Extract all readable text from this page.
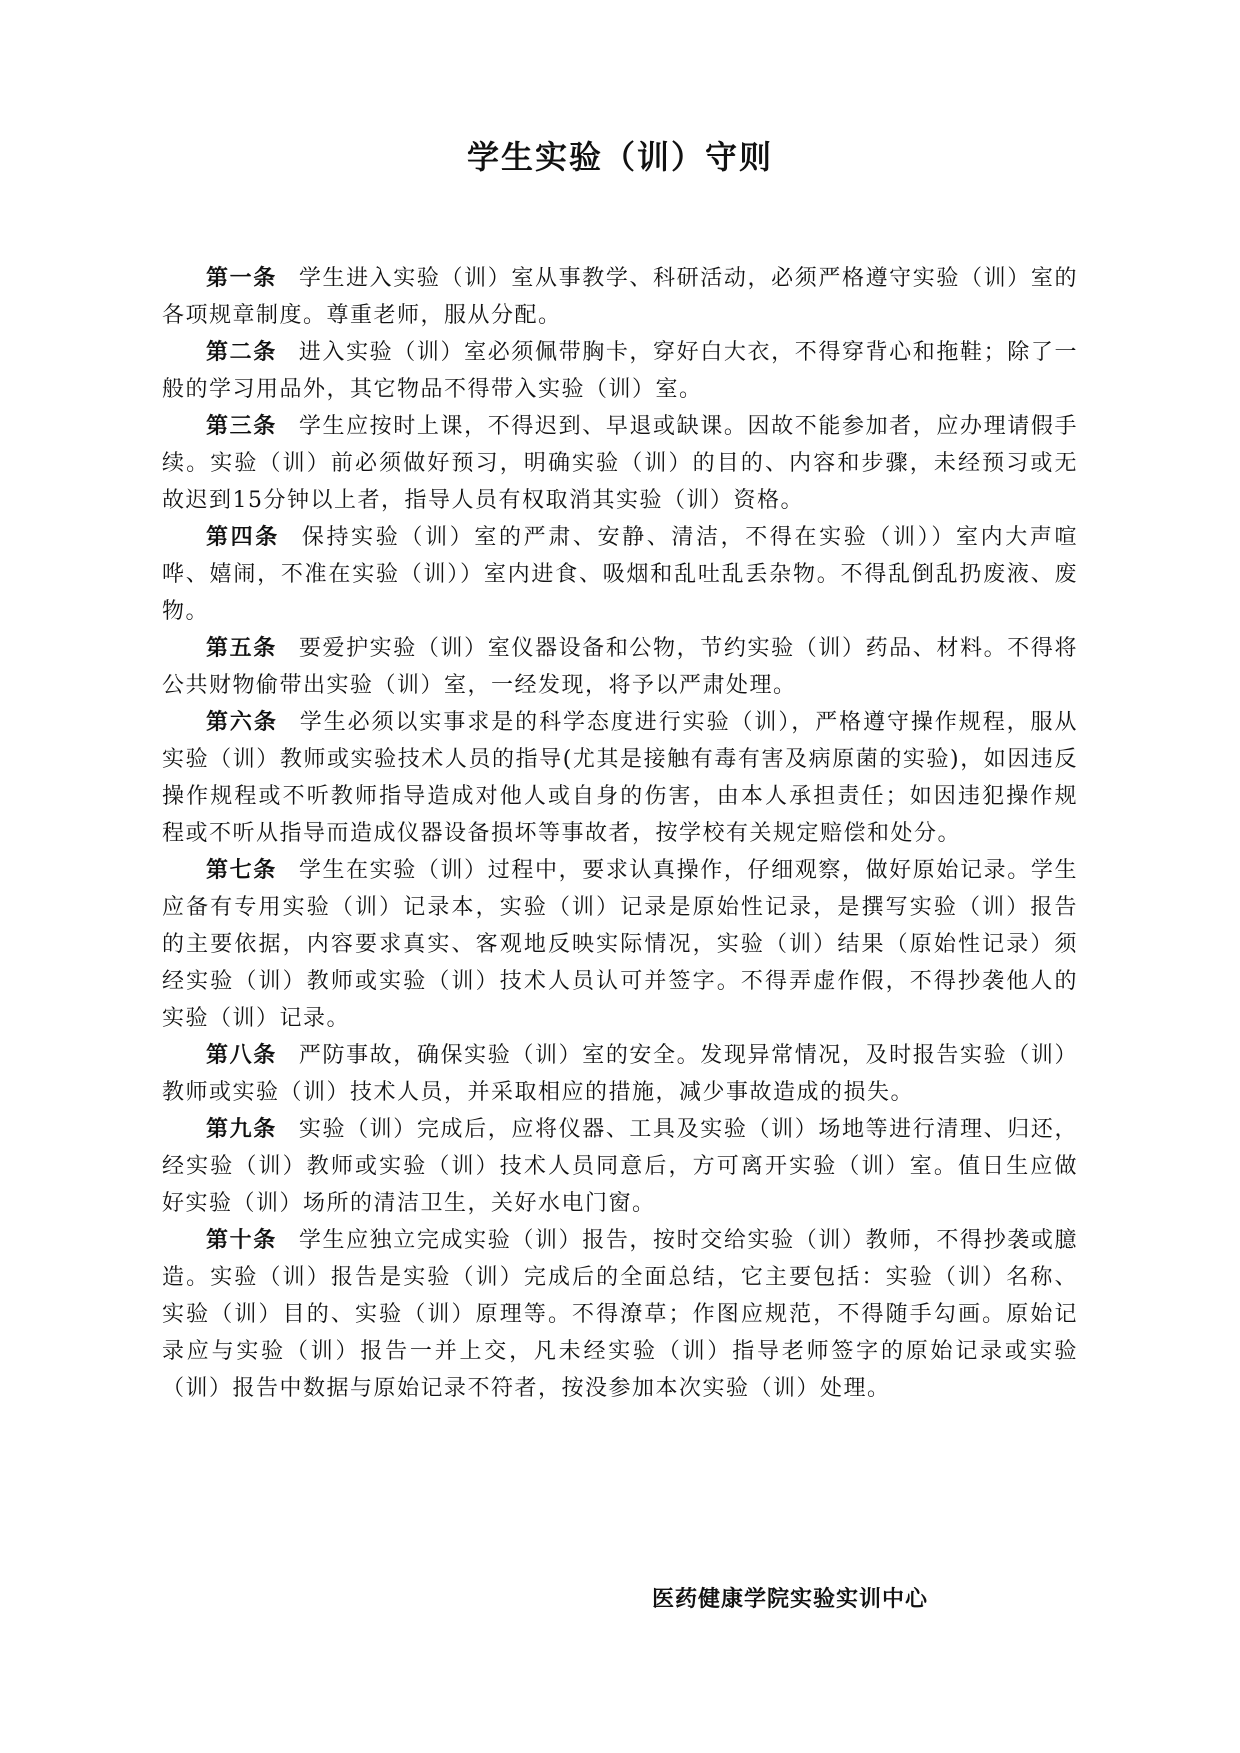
学生实验（训）守则

第一条 学生进入实验（训）室从事教学、科研活动，必须严格遵守实验（训）室的各项规章制度。尊重老师，服从分配。

第二条 进入实验（训）室必须佩带胸卡，穿好白大衣，不得穿背心和拖鞋；除了一般的学习用品外，其它物品不得带入实验（训）室。

第三条 学生应按时上课，不得迟到、早退或缺课。因故不能参加者，应办理请假手续。实验（训）前必须做好预习，明确实验（训）的目的、内容和步骤，未经预习或无故迟到15分钟以上者，指导人员有权取消其实验（训）资格。

第四条 保持实验（训）室的严肃、安静、清洁，不得在实验（训））室内大声喧哗、嬉闹，不准在实验（训））室内进食、吸烟和乱吐乱丢杂物。不得乱倒乱扔废液、废物。

第五条 要爱护实验（训）室仪器设备和公物，节约实验（训）药品、材料。不得将公共财物偷带出实验（训）室，一经发现，将予以严肃处理。

第六条 学生必须以实事求是的科学态度进行实验（训），严格遵守操作规程，服从实验（训）教师或实验技术人员的指导(尤其是接触有毒有害及病原菌的实验)，如因违反操作规程或不听教师指导造成对他人或自身的伤害，由本人承担责任；如因违犯操作规程或不听从指导而造成仪器设备损坏等事故者，按学校有关规定赔偿和处分。

第七条 学生在实验（训）过程中，要求认真操作，仔细观察，做好原始记录。学生应备有专用实验（训）记录本，实验（训）记录是原始性记录，是撰写实验（训）报告的主要依据，内容要求真实、客观地反映实际情况，实验（训）结果（原始性记录）须经实验（训）教师或实验（训）技术人员认可并签字。不得弄虚作假，不得抄袭他人的实验（训）记录。

第八条 严防事故，确保实验（训）室的安全。发现异常情况，及时报告实验（训）教师或实验（训）技术人员，并采取相应的措施，减少事故造成的损失。

第九条 实验（训）完成后，应将仪器、工具及实验（训）场地等进行清理、归还，经实验（训）教师或实验（训）技术人员同意后，方可离开实验（训）室。值日生应做好实验（训）场所的清洁卫生，关好水电门窗。

第十条 学生应独立完成实验（训）报告，按时交给实验（训）教师，不得抄袭或臆造。实验（训）报告是实验（训）完成后的全面总结，它主要包括：实验（训）名称、实验（训）目的、实验（训）原理等。不得潦草；作图应规范，不得随手勾画。原始记录应与实验（训）报告一并上交，凡未经实验（训）指导老师签字的原始记录或实验（训）报告中数据与原始记录不符者，按没参加本次实验（训）处理。

医药健康学院实验实训中心
